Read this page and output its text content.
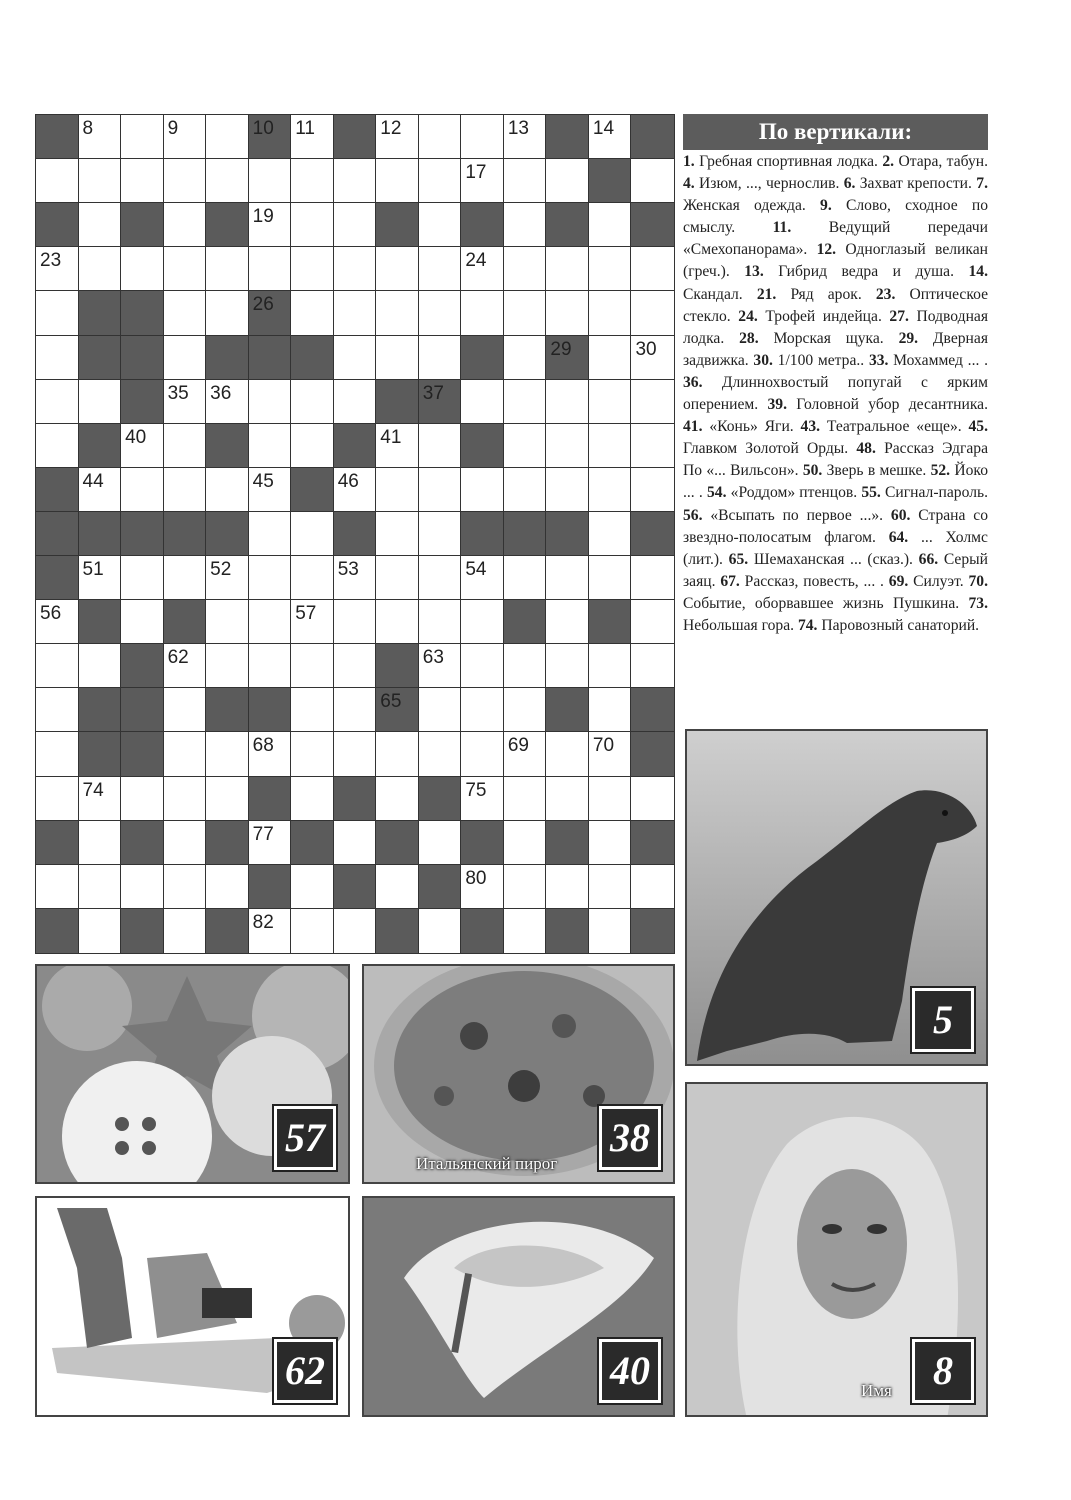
8	9	10 11	12	13	14
17
19
23	24
26
29	30
35 36	37
40	41
44	45	46
51	52	53	54
56	57
62	63
65
68	69	70
74	75
77
80
82
По вертикали:
1. Гребная спортивная лодка. 2. Отара, табун. 4. Изюм, ..., чернослив. 6. Захват крепости. 7. Женская одежда. 9. Слово, сходное по смыслу. 11. Ведущий передачи «Смехопанорама». 12. Одноглазый великан (греч.). 13. Гибрид ведра и душа. 14. Скандал. 21. Ряд арок. 23. Оптическое стекло. 24. Трофей индейца. 27. Подводная лодка. 28. Морская щука. 29. Дверная задвижка. 30. 1/100 метра.. 33. Мохаммед ... . 36. Длиннохвостый попугай с ярким оперением. 39. Головной убор десантника. 41. «Конь» Яги. 43. Театральное «еще». 45. Главком Золотой Орды. 48. Рассказ Эдгара По «... Вильсон». 50. Зверь в мешке. 52. Йоко ... . 54. «Роддом» птенцов. 55. Сигнал-пароль. 56. «Всыпать по первое ...». 60. Страна со звездно-полосатым флагом. 64. ... Холмс (лит.). 65. Шемаханская ... (сказ.). 66. Серый заяц. 67. Рассказ, повесть, ... . 69. Силуэт. 70. Событие, оборвавшее жизнь Пушкина. 73. Небольшая гора. 74. Паровозный санаторий.
5
Имя	8
57
Итальянский пирог
38
62	40
